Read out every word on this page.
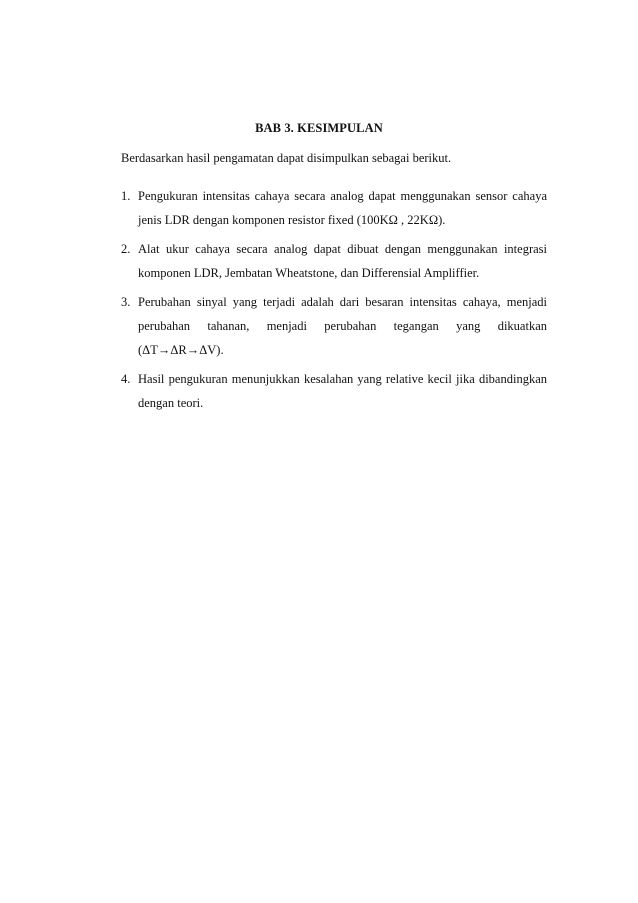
BAB 3. KESIMPULAN
Berdasarkan hasil pengamatan dapat disimpulkan sebagai berikut.
1. Pengukuran intensitas cahaya secara analog dapat menggunakan sensor cahaya jenis LDR dengan komponen resistor fixed (100KΩ , 22KΩ).
2. Alat ukur cahaya secara analog dapat dibuat dengan menggunakan integrasi komponen LDR, Jembatan Wheatstone, dan Differensial Ampliffier.
3. Perubahan sinyal yang terjadi adalah dari besaran intensitas cahaya, menjadi perubahan tahanan, menjadi perubahan tegangan yang dikuatkan (ΔT→ΔR→ΔV).
4. Hasil pengukuran menunjukkan kesalahan yang relative kecil jika dibandingkan dengan teori.
